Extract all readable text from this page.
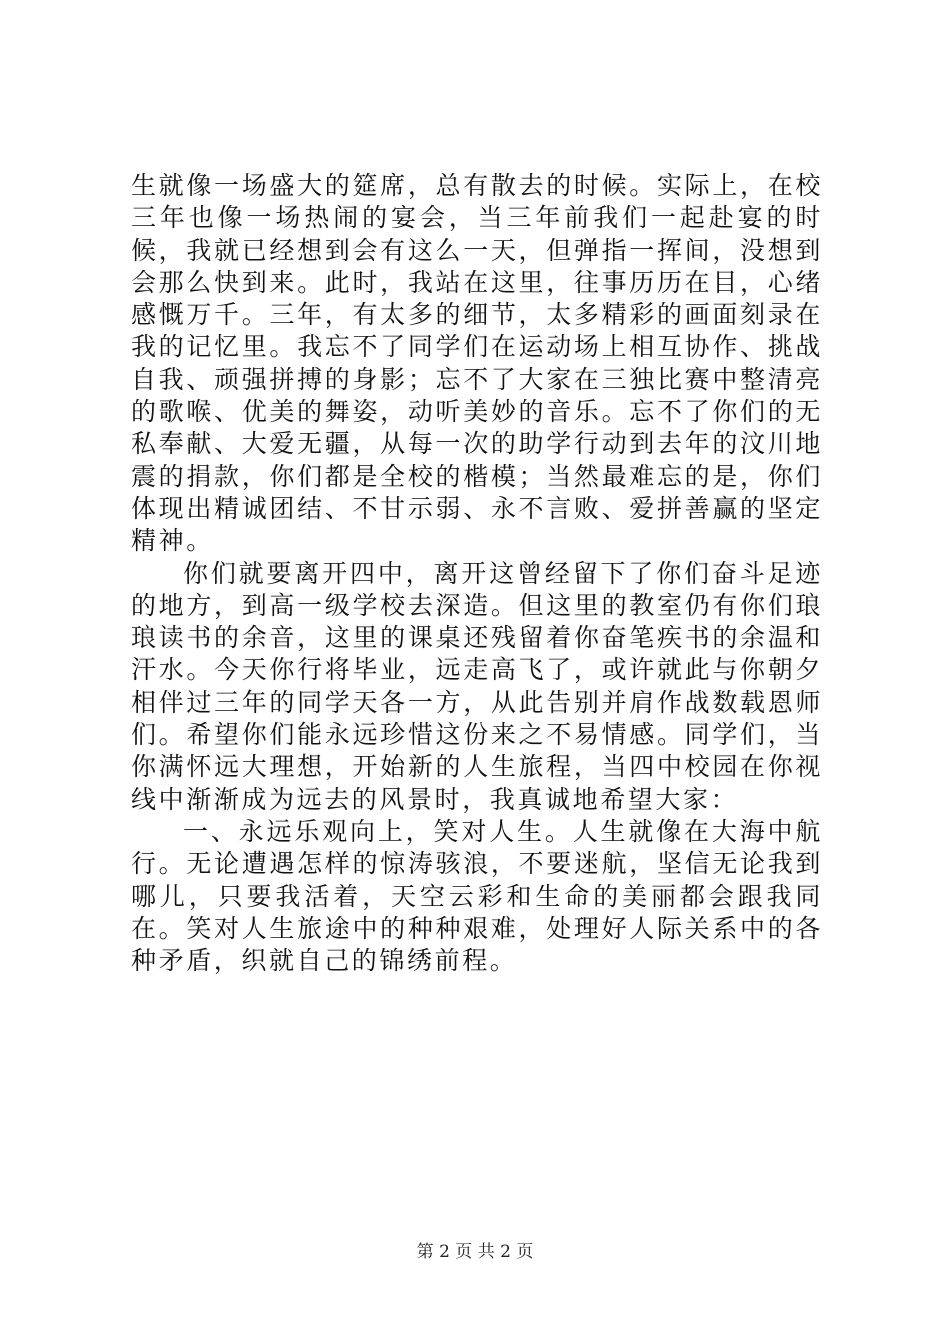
生就像一场盛大的筵席，总有散去的时候。实际上，在校三年也像一场热闹的宴会，当三年前我们一起赴宴的时候，我就已经想到会有这么一天，但弹指一挥间，没想到会那么快到来。此时，我站在这里，往事历历在目，心绪感慨万千。三年，有太多的细节，太多精彩的画面刻录在我的记忆里。我忘不了同学们在运动场上相互协作、挑战自我、顽强拼搏的身影；忘不了大家在三独比赛中整清亮的歌喉、优美的舞姿，动听美妙的音乐。忘不了你们的无私奉献、大爱无疆，从每一次的助学行动到去年的汶川地震的捐款，你们都是全校的楷模；当然最难忘的是，你们体现出精诚团结、不甘示弱、永不言败、爱拼善赢的坚定精神。

你们就要离开四中，离开这曾经留下了你们奋斗足迹的地方，到高一级学校去深造。但这里的教室仍有你们琅琅读书的余音，这里的课桌还残留着你奋笔疾书的余温和汗水。今天你行将毕业，远走高飞了，或许就此与你朝夕相伴过三年的同学天各一方，从此告别并肩作战数载恩师们。希望你们能永远珍惜这份来之不易情感。同学们，当你满怀远大理想，开始新的人生旅程，当四中校园在你视线中渐渐成为远去的风景时，我真诚地希望大家：

一、永远乐观向上，笑对人生。人生就像在大海中航行。无论遭遇怎样的惊涛骇浪，不要迷航，坚信无论我到哪儿，只要我活着，天空云彩和生命的美丽都会跟我同在。笑对人生旅途中的种种艰难，处理好人际关系中的各种矛盾，织就自己的锦绣前程。

第 2 页 共 2 页
